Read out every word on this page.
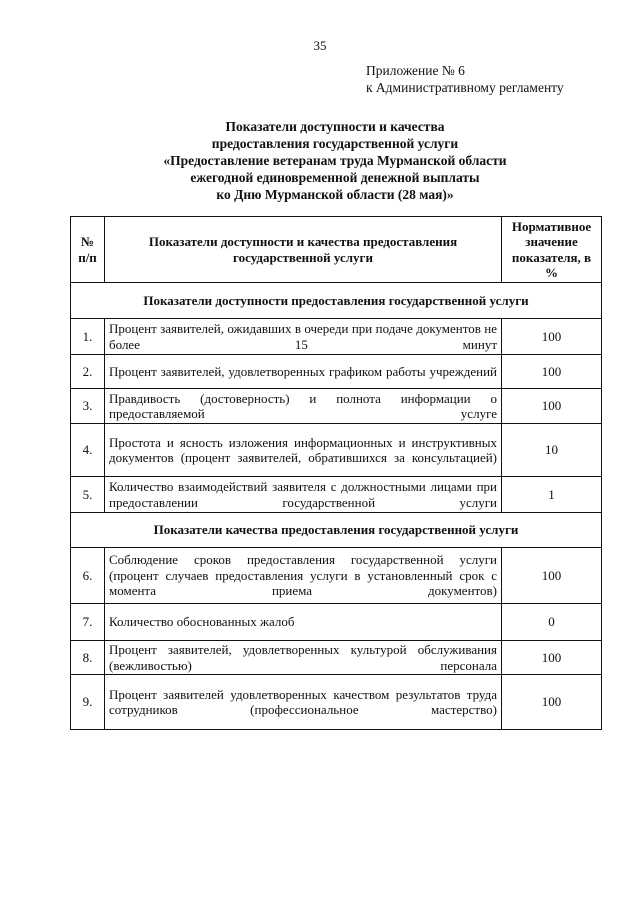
35
Приложение № 6
к Административному регламенту
Показатели доступности и качества
предоставления государственной услуги
«Предоставление ветеранам труда Мурманской области
ежегодной единовременной денежной выплаты
ко Дню Мурманской области (28 мая)»
№ п/п	Показатели доступности и качества предоставления государственной услуги	Нормативное значение показателя, в %
Показатели доступности предоставления государственной услуги		
1.	Процент заявителей, ожидавших в очереди при подаче документов не более 15 минут	100
2.	Процент заявителей, удовлетворенных графиком работы учреждений	100
3.	Правдивость (достоверность) и полнота информации о предоставляемой услуге	100
4.	Простота и ясность изложения информационных и инструктивных документов (процент заявителей, обратившихся за консультацией)	10
5.	Количество взаимодействий заявителя с должностными лицами при предоставлении государственной услуги	1
Показатели качества предоставления государственной услуги		
6.	Соблюдение сроков предоставления государственной услуги (процент случаев предоставления услуги в установленный срок с момента приема документов)	100
7.	Количество обоснованных жалоб	0
8.	Процент заявителей, удовлетворенных культурой обслуживания (вежливостью) персонала	100
9.	Процент заявителей удовлетворенных качеством результатов труда сотрудников (профессиональное мастерство)	100
